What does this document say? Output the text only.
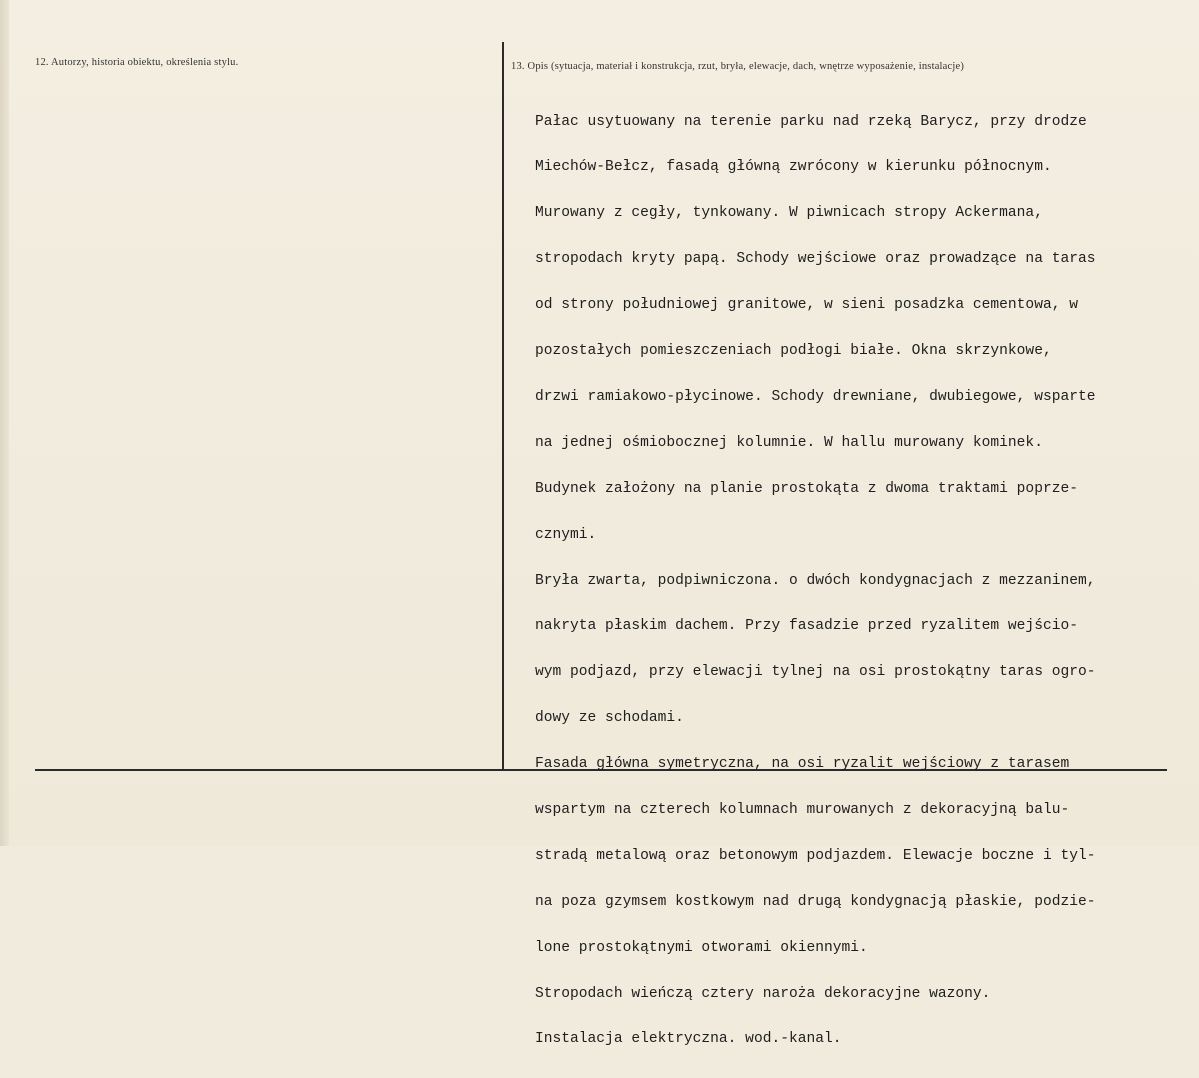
12. Autorzy, historia obiektu, określenia stylu.	13. Opis (sytuacja, materiał i konstrukcja, rzut, bryła, elewacje, dach, wnętrze wyposażenie, instalacje)

Pałac usytuowany na terenie parku nad rzeką Barycz, przy drodze

Miechów-Bełcz, fasadą główną zwrócony w kierunku północnym.

Murowany z cegły, tynkowany. W piwnicach stropy Ackermana,

stropodach kryty papą. Schody wejściowe oraz prowadzące na taras

od strony południowej granitowe, w sieni posadzka cementowa, w

pozostałych pomieszczeniach podłogi białe. Okna skrzynkowe,

drzwi ramiakowo-płycinowe. Schody drewniane, dwubiegowe, wsparte

na jednej ośmiobocznej kolumnie. W hallu murowany kominek.

Budynek założony na planie prostokąta z dwoma traktami poprze-

cznymi.

Bryła zwarta, podpiwniczona. o dwóch kondygnacjach z mezzaninem,

nakryta płaskim dachem. Przy fasadzie przed ryzalitem wejścio-

wym podjazd, przy elewacji tylnej na osi prostokątny taras ogro-

dowy ze schodami.

Fasada główna symetryczna, na osi ryzalit wejściowy z tarasem

wspartym na czterech kolumnach murowanych z dekoracyjną balu-

stradą metalową oraz betonowym podjazdem. Elewacje boczne i tyl-

na poza gzymsem kostkowym nad drugą kondygnacją płaskie, podzie-

lone prostokątnymi otworami okiennymi.

Stropodach wieńczą cztery naroża dekoracyjne wazony.

Instalacja elektryczna. wod.-kanal.
